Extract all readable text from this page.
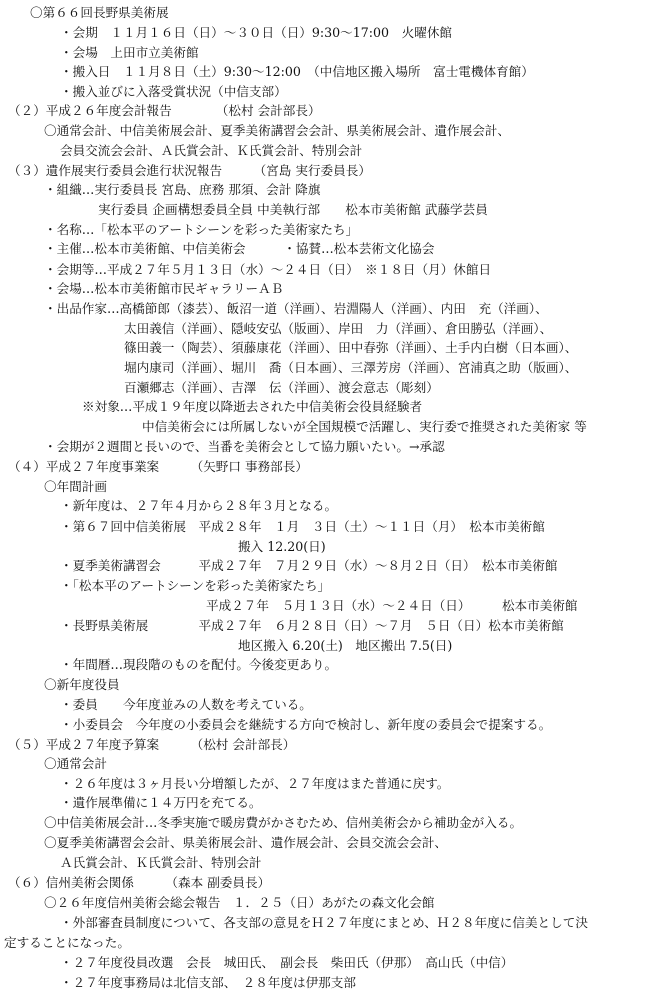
〇第６６回長野県美術展
・会期　１１月１６日（日）～３０日（日）9:30～17:00　火曜休館
・会場　上田市立美術館
・搬入日　１１月８日（土）9:30～12:00　（中信地区搬入場所　富士電機体育館）
・搬入並びに入落受賞状況（中信支部）
（２）平成２６年度会計報告　　　　（松村 会計部長）
〇通常会計、中信美術展会計、夏季美術講習会会計、県美術展会計、遺作展会計、
会員交流会会計、Ａ氏賞会計、Ｋ氏賞会計、特別会計
（３）遺作展実行委員会進行状況報告　　　（宮島 実行委員長）
・組織…実行委員長 宮島、庶務 那須、会計 降旗
実行委員 企画構想委員全員 中美執行部　　松本市美術館 武藤学芸員
・名称…「松本平のアートシーンを彩った美術家たち」
・主催…松本市美術館、中信美術会　　　・協賛…松本芸術文化協会
・会期等…平成２７年５月１３日（水）～２４日（日）　※１８日（月）休館日
・会場…松本市美術館市民ギャラリーＡＢ
・出品作家…高橋節郎（漆芸）、飯沼一道（洋画）、岩淵陽人（洋画）、内田　充（洋画）、
太田義信（洋画）、隠岐安弘（版画）、岸田　力（洋画）、倉田勝弘（洋画）、
篠田義一（陶芸）、須藤康花（洋画）、田中春弥（洋画）、土手内白樹（日本画）、
堀内康司（洋画）、堀川　喬（日本画）、三澤芳房（洋画）、宮浦真之助（版画）、
百瀬郷志（洋画）、吉澤　伝（洋画）、渡会意志（彫刻）
※対象…平成１９年度以降逝去された中信美術会役員経験者
中信美術会には所属しないが全国規模で活躍し、実行委で推奨された美術家 等
・会期が２週間と長いので、当番を美術会として協力願いたい。→承認
（４）平成２７年度事業案　　　（矢野口 事務部長）
〇年間計画
・新年度は、２７年４月から２８年３月となる。
・第６７回中信美術展　平成２８年　１月　３日（土）～１１日（月）　松本市美術館
搬入 12.20(日)
・夏季美術講習会　　　平成２７年　７月２９日（水）～８月２日（日）　松本市美術館
・「松本平のアートシーンを彩った美術家たち」
平成２７年　５月１３日（水）～２４日（日）　　　松本市美術館
・長野県美術展　　　　平成２７年　６月２８日（日）～７月　５日（日）松本市美術館
地区搬入 6.20(土)　地区搬出 7.5(日)
・年間暦…現段階のものを配付。今後変更あり。
〇新年度役員
・委員　　今年度並みの人数を考えている。
・小委員会　今年度の小委員会を継続する方向で検討し、新年度の委員会で提案する。
（５）平成２７年度予算案　　　（松村 会計部長）
〇通常会計
・２６年度は３ヶ月長い分増額したが、２７年度はまた普通に戻す。
・遺作展準備に１４万円を充てる。
〇中信美術展会計…冬季実施で暖房費がかさむため、信州美術会から補助金が入る。
〇夏季美術講習会会計、県美術展会計、遺作展会計、会員交流会会計、
Ａ氏賞会計、Ｋ氏賞会計、特別会計
（６）信州美術会関係　　　（森本 副委員長）
〇２６年度信州美術会総会報告　１．２５（日）あがたの森文化会館
・外部審査員制度について、各支部の意見をＨ２７年度にまとめ、Ｈ２８年度に信美として決
定することになった。
・２７年度役員改選　会長　城田氏、　副会長　柴田氏（伊那）　高山氏（中信）
・２７年度事務局は北信支部、　２８年度は伊那支部
